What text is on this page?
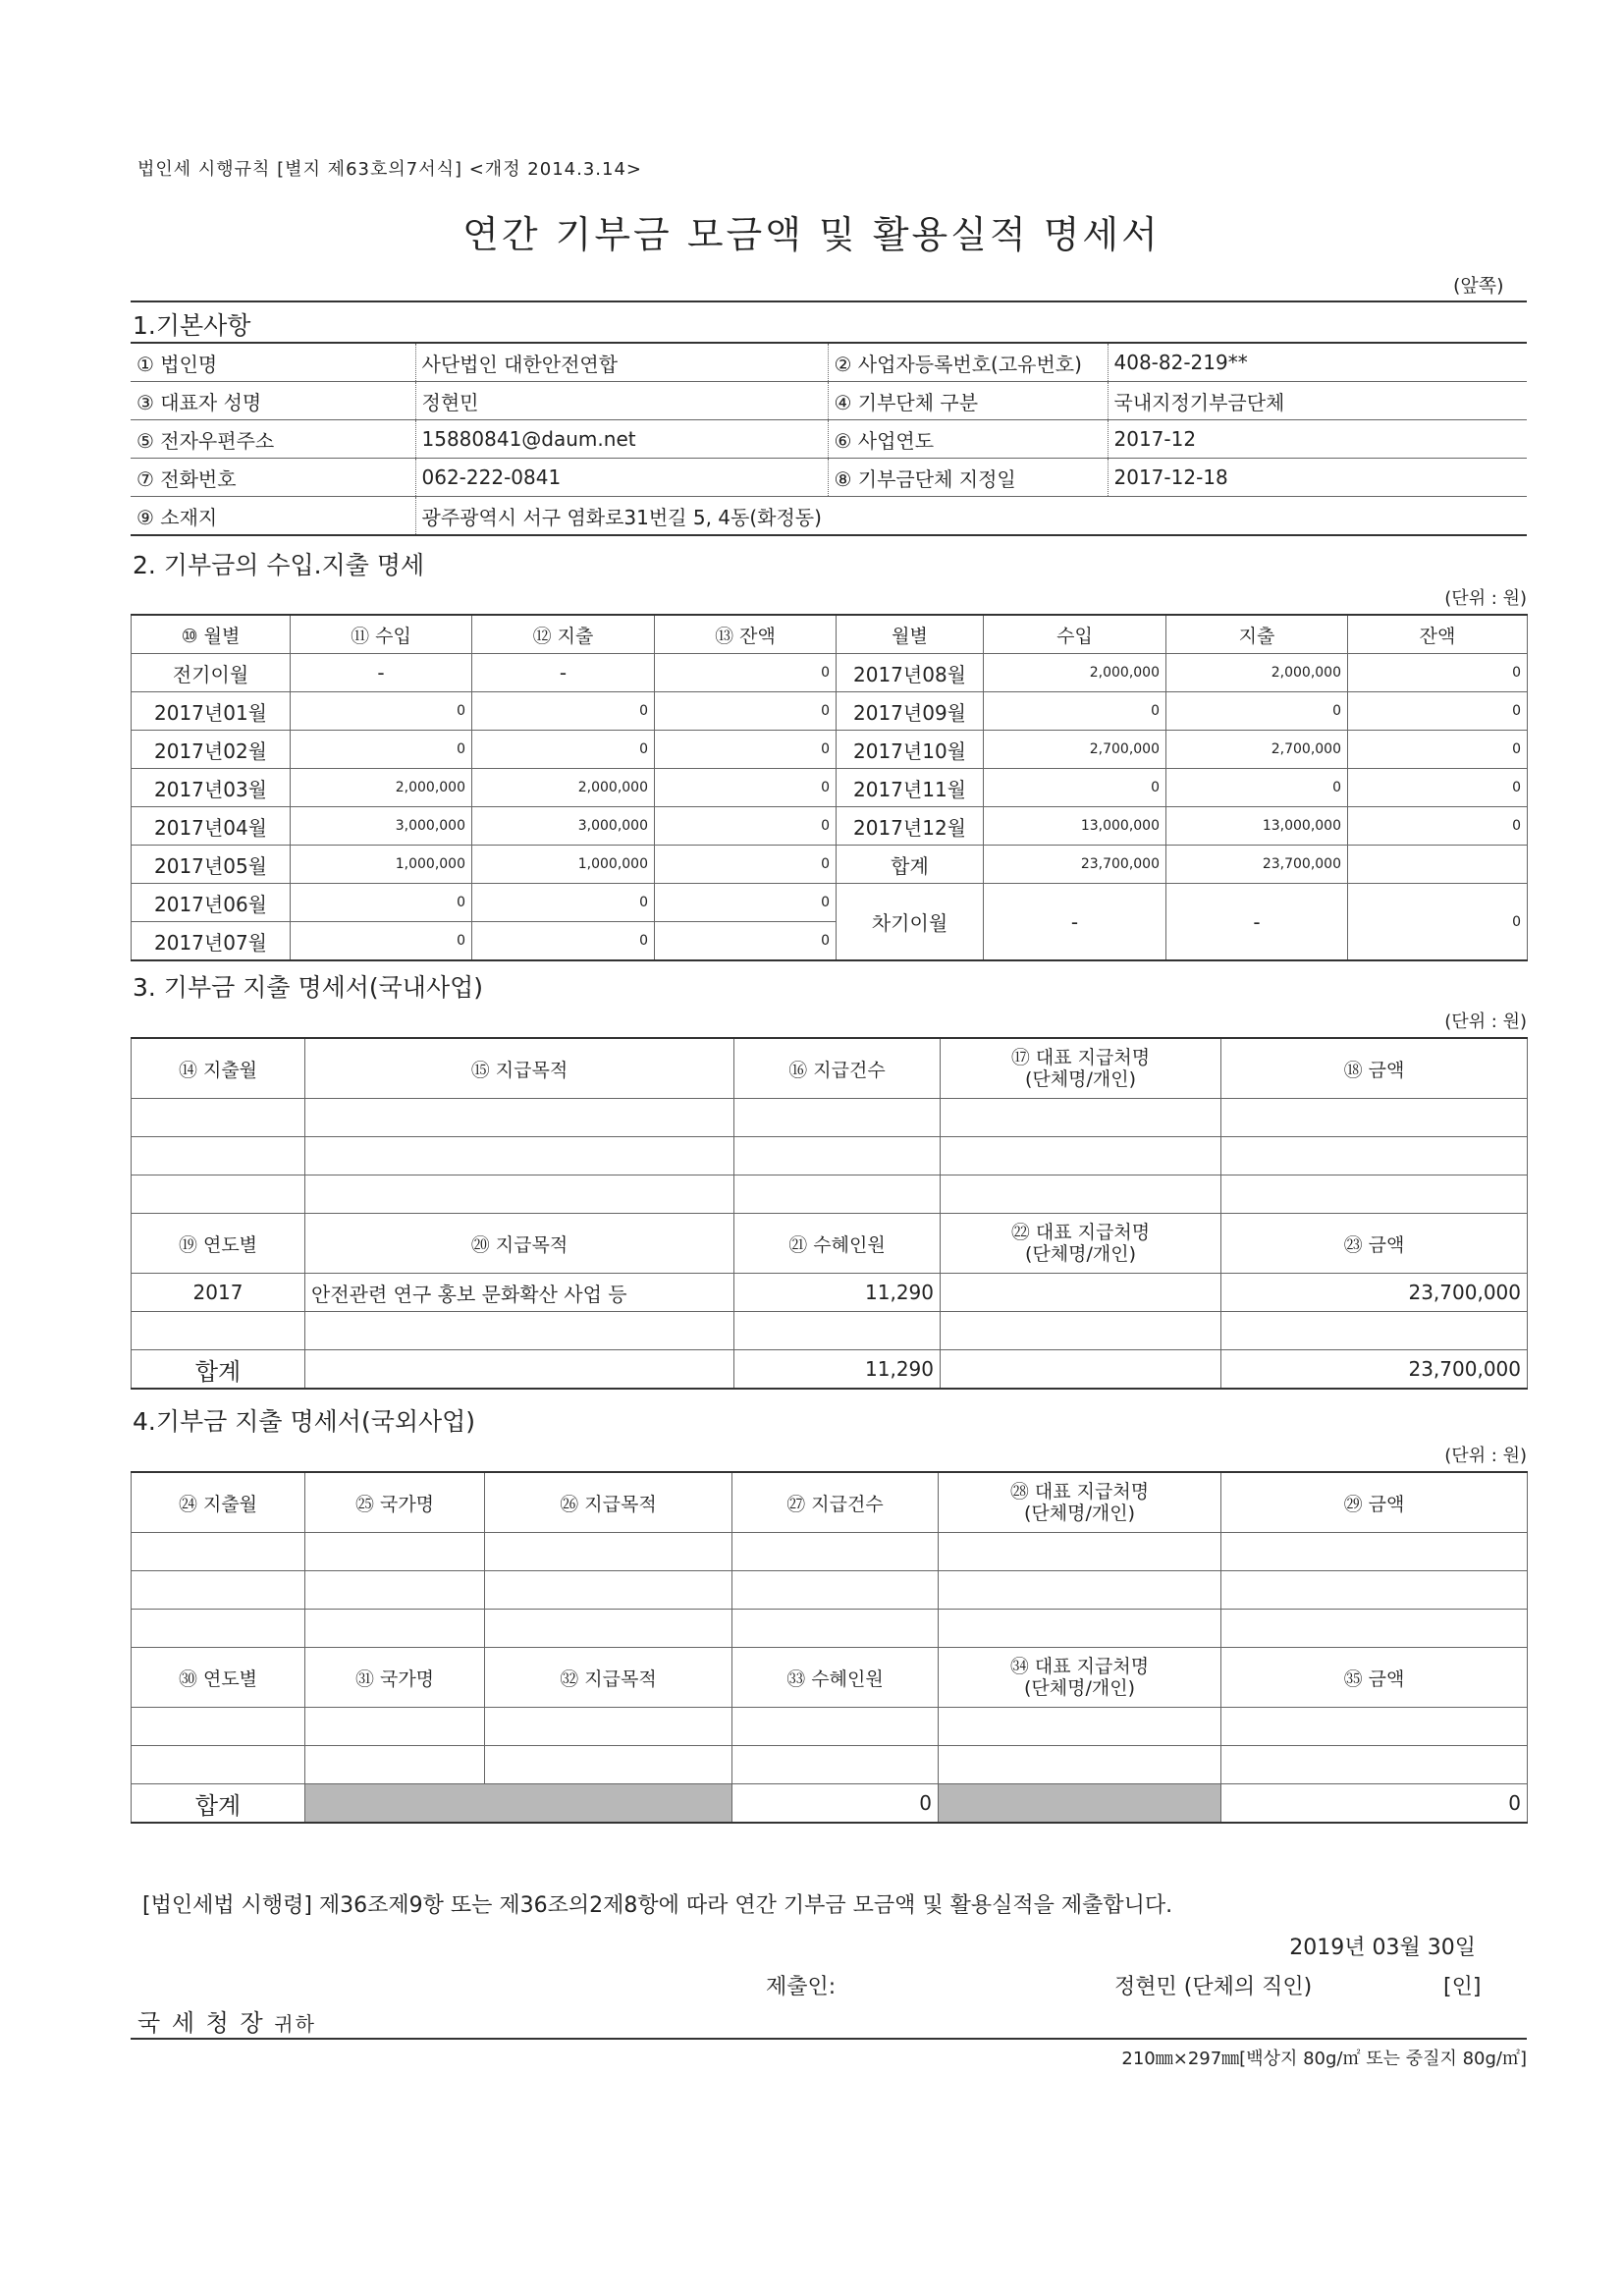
법인세 시행규칙 [별지 제63호의7서식] <개정 2014.3.14>
연간 기부금 모금액 및 활용실적 명세서
(앞쪽)
1.기본사항
① 법인명	사단법인 대한안전연합	② 사업자등록번호(고유번호)	408-82-219**
③ 대표자 성명	정현민	④ 기부단체 구분	국내지정기부금단체
⑤ 전자우편주소	15880841@daum.net	⑥ 사업연도	2017-12
⑦ 전화번호	062-222-0841	⑧ 기부금단체 지정일	2017-12-18
⑨ 소재지	광주광역시 서구 염화로31번길 5, 4동(화정동)		
2. 기부금의 수입.지출 명세
(단위 : 원)
⑩ 월별	⑪ 수입	⑫ 지출	⑬ 잔액	월별	수입	지출	잔액
전기이월	-	-	0	2017년08월	2,000,000	2,000,000	0
2017년01월	0	0	0	2017년09월	0	0	0
2017년02월	0	0	0	2017년10월	2,700,000	2,700,000	0
2017년03월	2,000,000	2,000,000	0	2017년11월	0	0	0
2017년04월	3,000,000	3,000,000	0	2017년12월	13,000,000	13,000,000	0
2017년05월	1,000,000	1,000,000	0	합계	23,700,000	23,700,000	
2017년06월	0	0	0	차기이월	-	-	0
2017년07월	0	0	0				
3. 기부금 지출 명세서(국내사업)
(단위 : 원)
⑭ 지출월	⑮ 지급목적	⑯ 지급건수	⑰ 대표 지급처명
(단체명/개인)	⑱ 금액

⑲ 연도별	⑳ 지급목적	㉑ 수혜인원	㉒ 대표 지급처명
(단체명/개인)	㉓ 금액
2017	안전관련 연구 홍보 문화확산 사업 등	11,290		23,700,000

합계		11,290		23,700,000
4.기부금 지출 명세서(국외사업)
(단위 : 원)
㉔ 지출월	㉕ 국가명	㉖ 지급목적	㉗ 지급건수	㉘ 대표 지급처명
(단체명/개인)	㉙ 금액

㉚ 연도별	㉛ 국가명	㉜ 지급목적	㉝ 수혜인원	㉞ 대표 지급처명
(단체명/개인)	㉟ 금액

합계			0		0
[법인세법 시행령] 제36조제9항 또는 제36조의2제8항에 따라 연간 기부금 모금액 및 활용실적을 제출합니다.
2019년 03월 30일
제출인:	정현민 (단체의 직인)	[인]
국 세 청 장 귀하
210㎜×297㎜[백상지 80g/㎡ 또는 중질지 80g/㎡]
